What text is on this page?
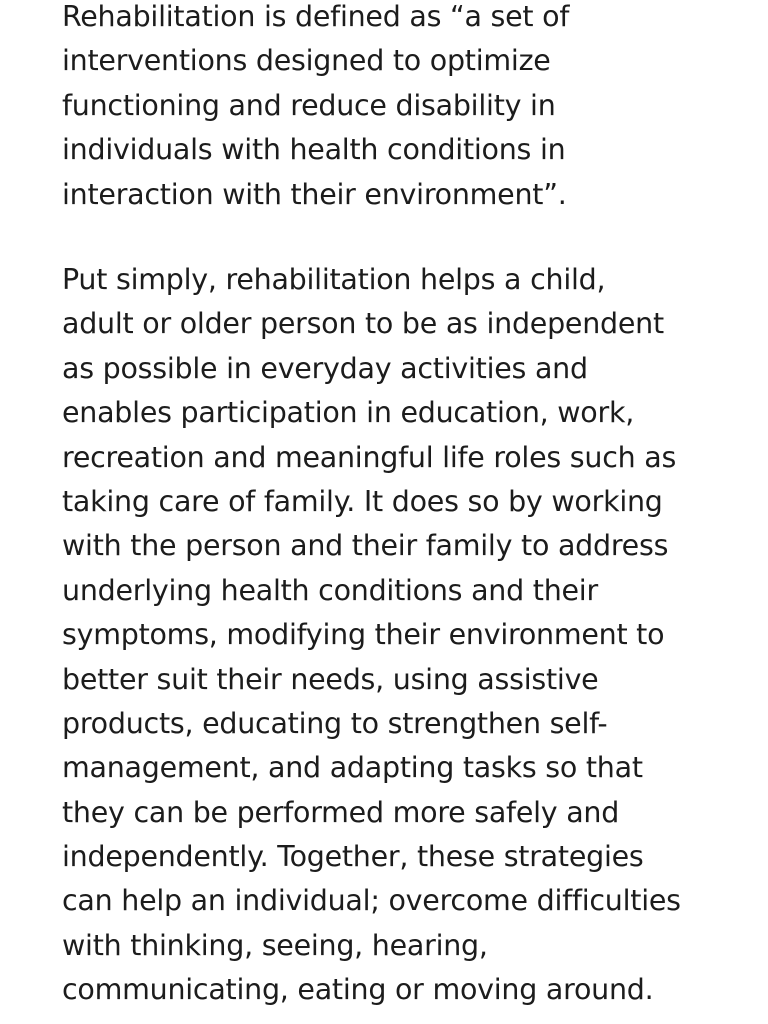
Rehabilitation is defined as “a set of
interventions designed to optimize
functioning and reduce disability in
individuals with health conditions in
interaction with their environment”.
Put simply, rehabilitation helps a child,
adult or older person to be as independent
as possible in everyday activities and
enables participation in education, work,
recreation and meaningful life roles such as
taking care of family. It does so by working
with the person and their family to address
underlying health conditions and their
symptoms, modifying their environment to
better suit their needs, using assistive
products, educating to strengthen self-
management, and adapting tasks so that
they can be performed more safely and
independently. Together, these strategies
can help an individual; overcome difficulties
with thinking, seeing, hearing,
communicating, eating or moving around.
